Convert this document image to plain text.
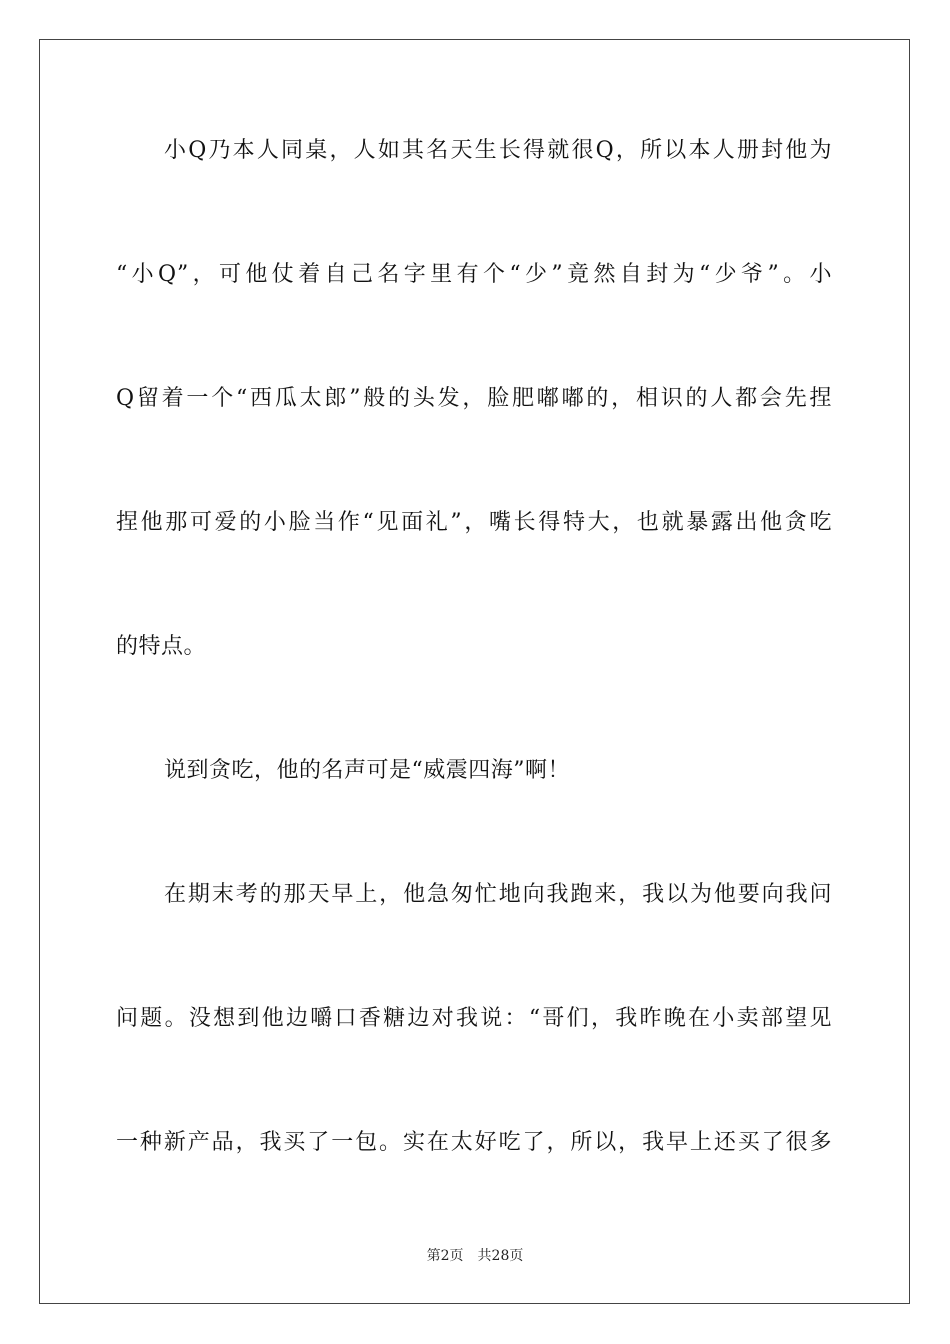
小Q乃本人同桌，人如其名天生长得就很Q，所以本人册封他为
“小Q”，可他仗着自己名字里有个“少”竟然自封为“少爷”。小
Q留着一个“西瓜太郎”般的头发，脸肥嘟嘟的，相识的人都会先捏
捏他那可爱的小脸当作“见面礼”，嘴长得特大，也就暴露出他贪吃
的特点。
说到贪吃，他的名声可是“威震四海”啊！
在期末考的那天早上，他急匆忙地向我跑来，我以为他要向我问
问题。没想到他边嚼口香糖边对我说：“哥们，我昨晚在小卖部望见
一种新产品，我买了一包。实在太好吃了，所以，我早上还买了很多
第2页　共28页
